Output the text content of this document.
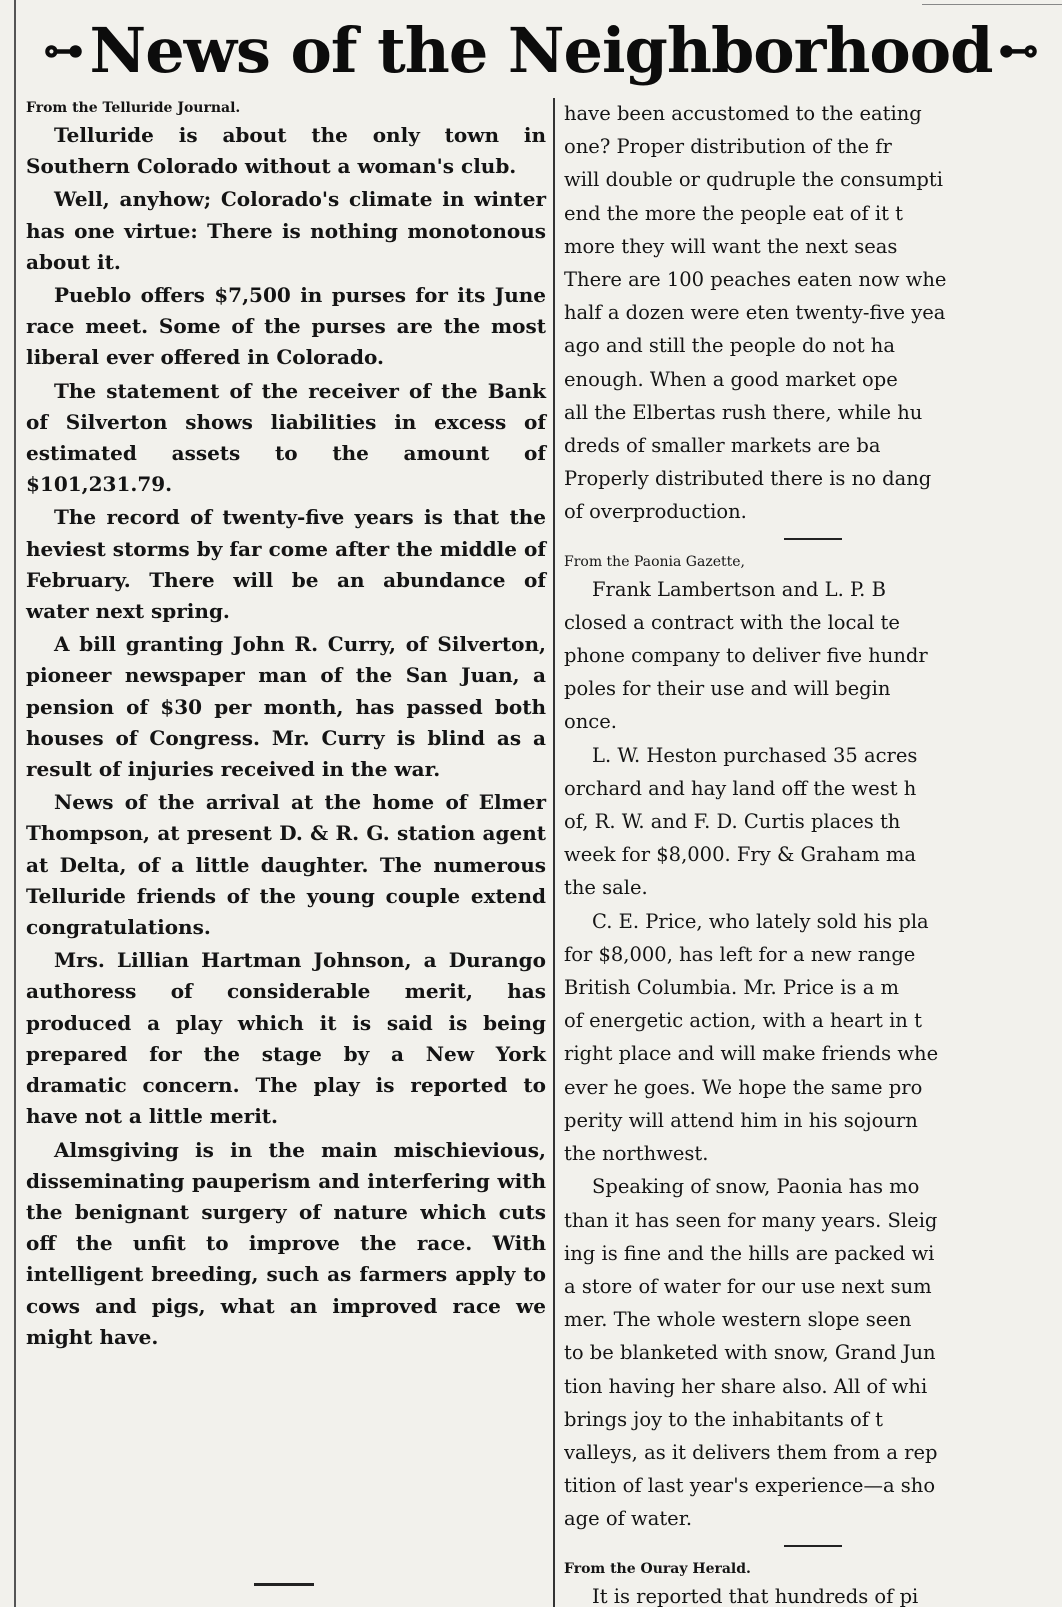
⊶ News of the Neighborhood ⊷
From the Telluride Journal.

Telluride is about the only town in Southern Colorado without a woman's club.

Well, anyhow; Colorado's climate in winter has one virtue: There is nothing monotonous about it.

Pueblo offers $7,500 in purses for its June race meet. Some of the purses are the most liberal ever offered in Colorado.

The statement of the receiver of the Bank of Silverton shows liabilities in excess of estimated assets to the amount of $101,231.79.

The record of twenty-five years is that the heviest storms by far come after the middle of February. There will be an abundance of water next spring.

A bill granting John R. Curry, of Silverton, pioneer newspaper man of the San Juan, a pension of $30 per month, has passed both houses of Congress. Mr. Curry is blind as a result of injuries received in the war.

News of the arrival at the home of Elmer Thompson, at present D. & R. G. station agent at Delta, of a little daughter. The numerous Telluride friends of the young couple extend congratulations.

Mrs. Lillian Hartman Johnson, a Durango authoress of considerable merit, has produced a play which it is said is being prepared for the stage by a New York dramatic concern. The play is reported to have not a little merit.

Almsgiving is in the main mischievious, disseminating pauperism and interfering with the benignant surgery of nature which cuts off the unfit to improve the race. With intelligent breeding, such as farmers apply to cows and pigs, what an improved race we might have.

have been accustomed to the eating
one? Proper distribution of the fr
will double or qudruple the consumpti
end the more the people eat of it t
more they will want the next seas
There are 100 peaches eaten now whe
half a dozen were eten twenty-five yea
ago and still the people do not ha
enough. When a good market ope
all the Elbertas rush there, while hu
dreds of smaller markets are ba
Properly distributed there is no dang
of overproduction.
From the Paonia Gazette,
Frank Lambertson and L. P. B
closed a contract with the local te
phone company to deliver five hundr
poles for their use and will begin
once.
L. W. Heston purchased 35 acres
orchard and hay land off the west h
of, R. W. and F. D. Curtis places th
week for $8,000. Fry & Graham ma
the sale.
C. E. Price, who lately sold his pla
for $8,000, has left for a new range
British Columbia. Mr. Price is a m
of energetic action, with a heart in t
right place and will make friends whe
ever he goes. We hope the same pro
perity will attend him in his sojourn
the northwest.
Speaking of snow, Paonia has mo
than it has seen for many years. Sleig
ing is fine and the hills are packed wi
a store of water for our use next sum
mer. The whole western slope seen
to be blanketed with snow, Grand Jun
tion having her share also. All of whi
brings joy to the inhabitants of t
valleys, as it delivers them from a rep
tition of last year's experience—a sho
age of water.
From the Ouray Herald.
It is reported that hundreds of pi
